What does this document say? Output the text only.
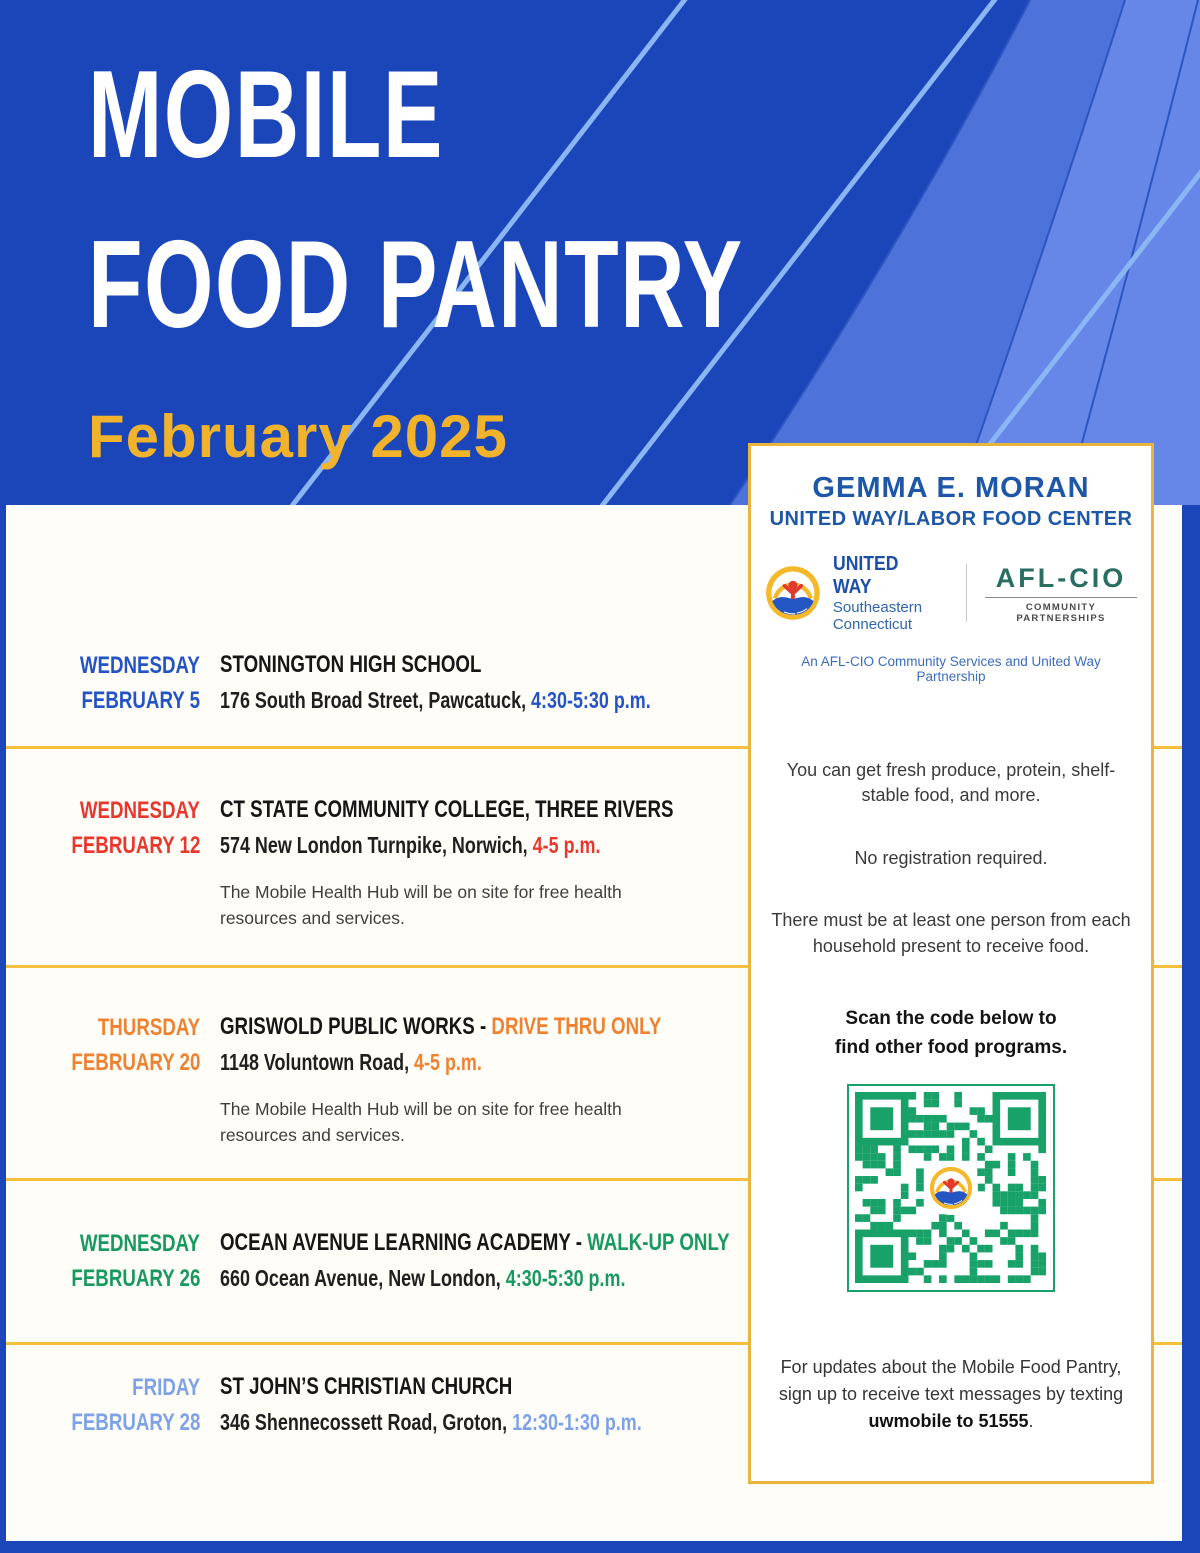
MOBILE
FOOD PANTRY
February 2025
WEDNESDAY
FEBRUARY 5
STONINGTON HIGH SCHOOL
176 South Broad Street, Pawcatuck, 4:30-5:30 p.m.
WEDNESDAY
FEBRUARY 12
CT STATE COMMUNITY COLLEGE, THREE RIVERS
574 New London Turnpike, Norwich, 4-5 p.m.
The Mobile Health Hub will be on site for free health resources and services.
THURSDAY
FEBRUARY 20
GRISWOLD PUBLIC WORKS - DRIVE THRU ONLY
1148 Voluntown Road, 4-5 p.m.
The Mobile Health Hub will be on site for free health resources and services.
WEDNESDAY
FEBRUARY 26
OCEAN AVENUE LEARNING ACADEMY - WALK-UP ONLY
660 Ocean Avenue, New London, 4:30-5:30 p.m.
FRIDAY
FEBRUARY 28
ST JOHN’S CHRISTIAN CHURCH
346 Shennecossett Road, Groton, 12:30-1:30 p.m.
GEMMA E. MORAN
UNITED WAY/LABOR FOOD CENTER
UNITED WAY
Southeastern
Connecticut
AFL-CIO
COMMUNITY PARTNERSHIPS
An AFL-CIO Community Services and United Way Partnership

You can get fresh produce, protein, shelf-stable food, and more.

No registration required.

There must be at least one person from each household present to receive food.

Scan the code below to
find other food programs.

For updates about the Mobile Food Pantry, sign up to receive text messages by texting uwmobile to 51555.
